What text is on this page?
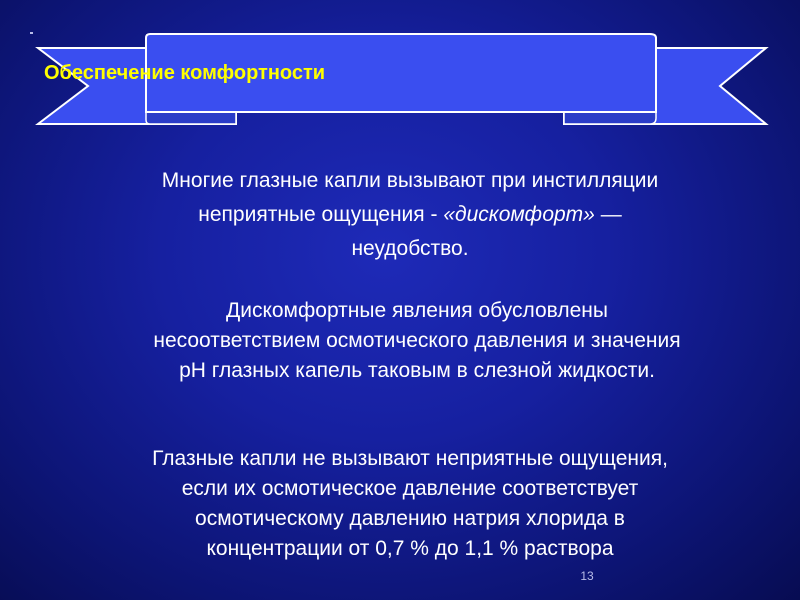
Обеспечение комфортности

Многие глазные капли вызывают при инстилляции
неприятные ощущения - «дискомфорт» —
неудобство.

Дискомфортные явления обусловлены
несоответствием осмотического давления и значения
рН глазных капель таковым в слезной жидкости.

Глазные капли не вызывают неприятные ощущения,
если их осмотическое давление соответствует
осмотическому давлению натрия хлорида в
концентрации от 0,7 % до 1,1 % раствора

13
